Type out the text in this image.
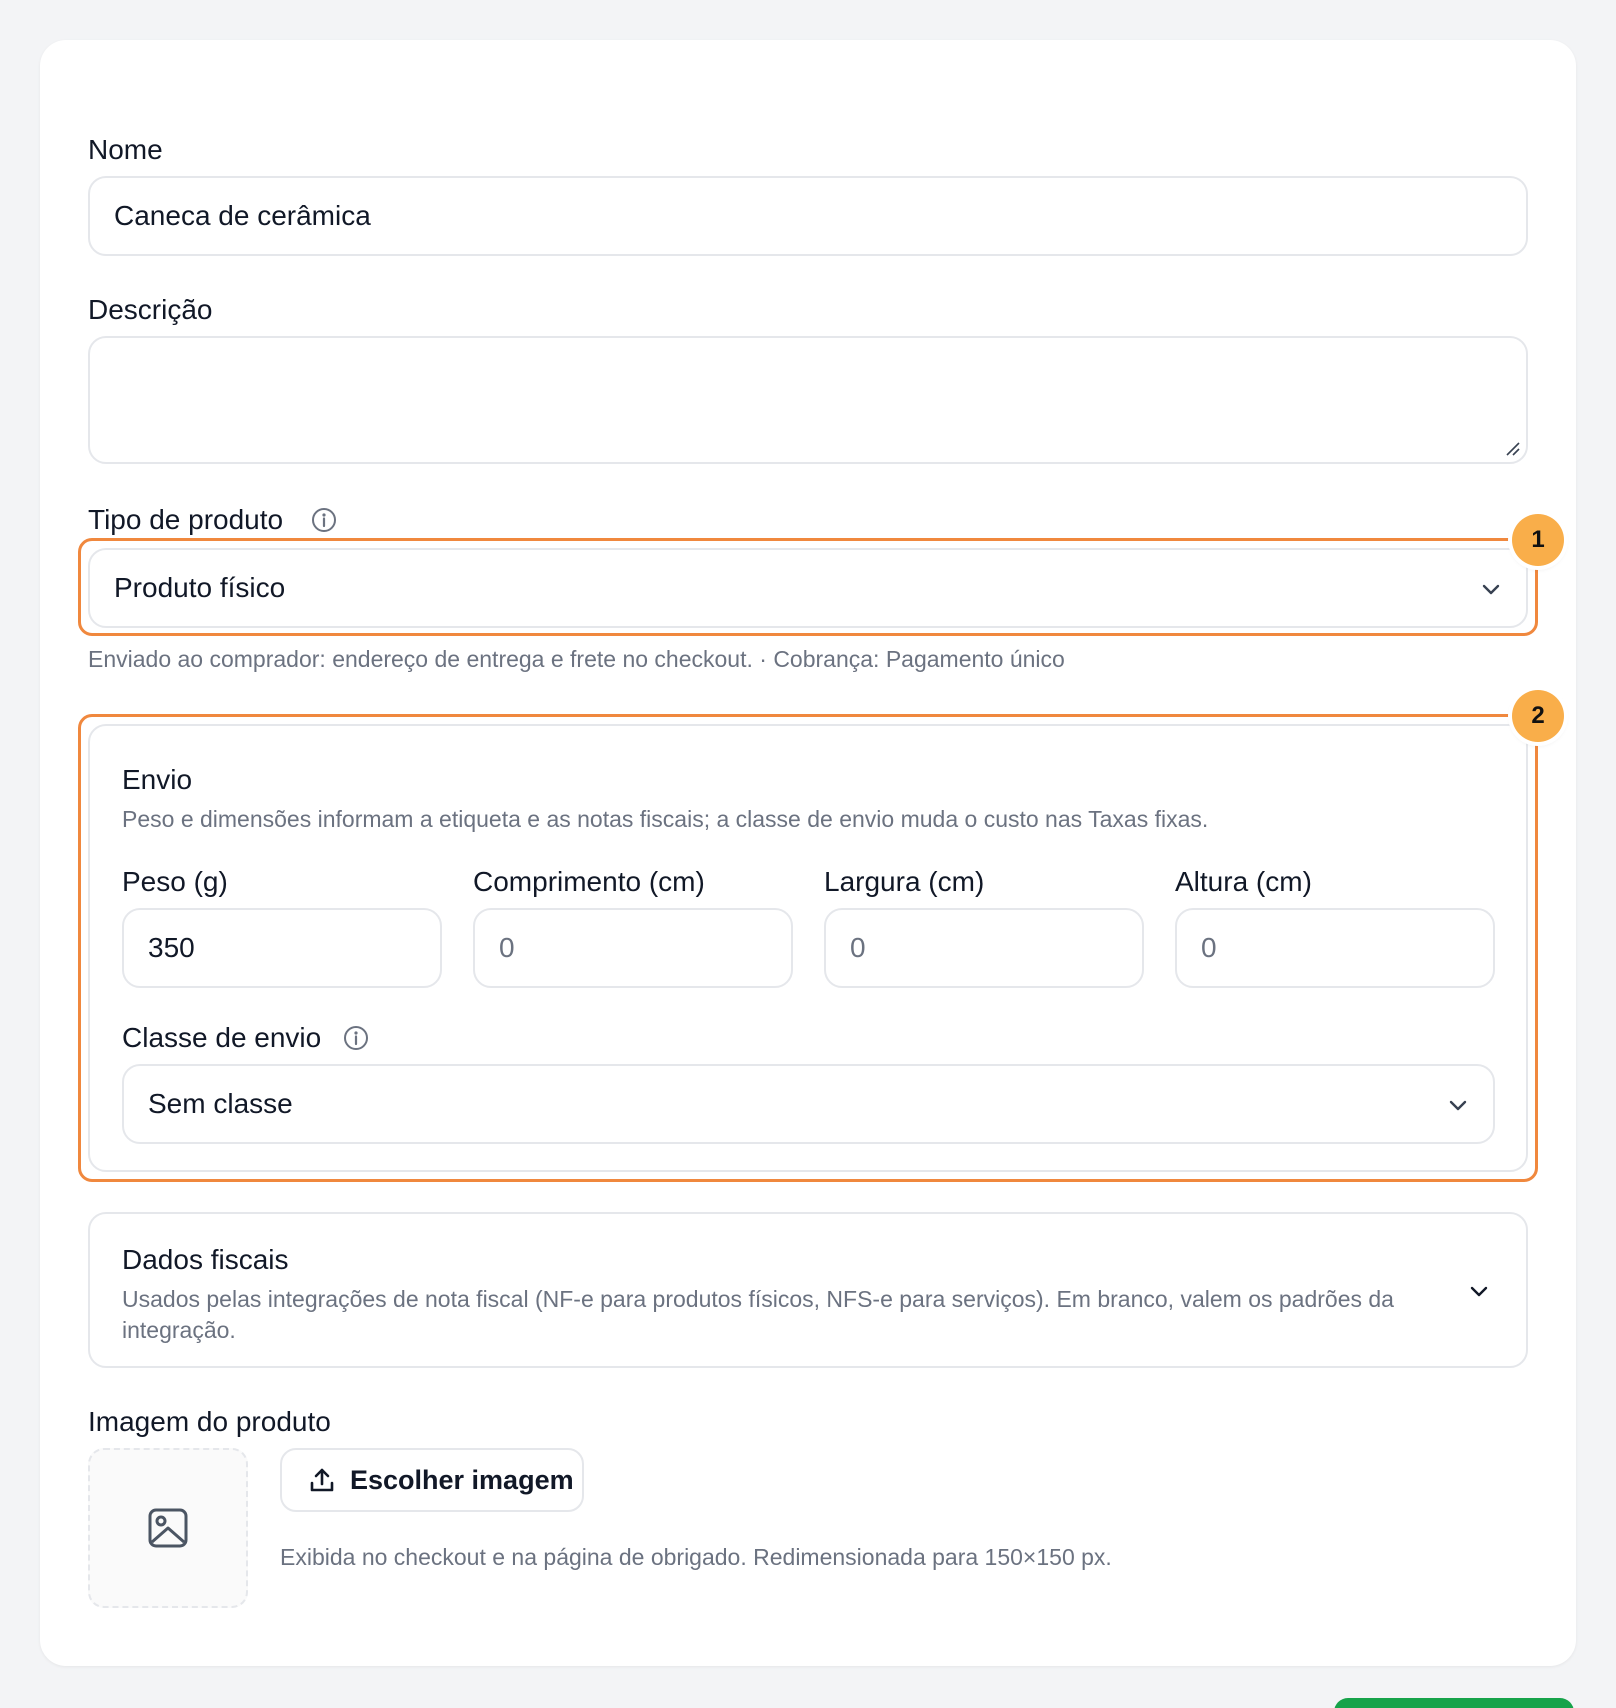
Nome
Caneca de cerâmica
Descrição
Tipo de produto
Produto físico
1
Enviado ao comprador: endereço de entrega e frete no checkout. · Cobrança: Pagamento único
Envio
Peso e dimensões informam a etiqueta e as notas fiscais; a classe de envio muda o custo nas Taxas fixas.
Peso (g)
350
Comprimento (cm)
0
Largura (cm)
0
Altura (cm)
0
Classe de envio
Sem classe
2
Dados fiscais
Usados pelas integrações de nota fiscal (NF-e para produtos físicos, NFS-e para serviços). Em branco, valem os padrões da integração.
Imagem do produto
Escolher imagem
Exibida no checkout e na página de obrigado. Redimensionada para 150×150 px.
